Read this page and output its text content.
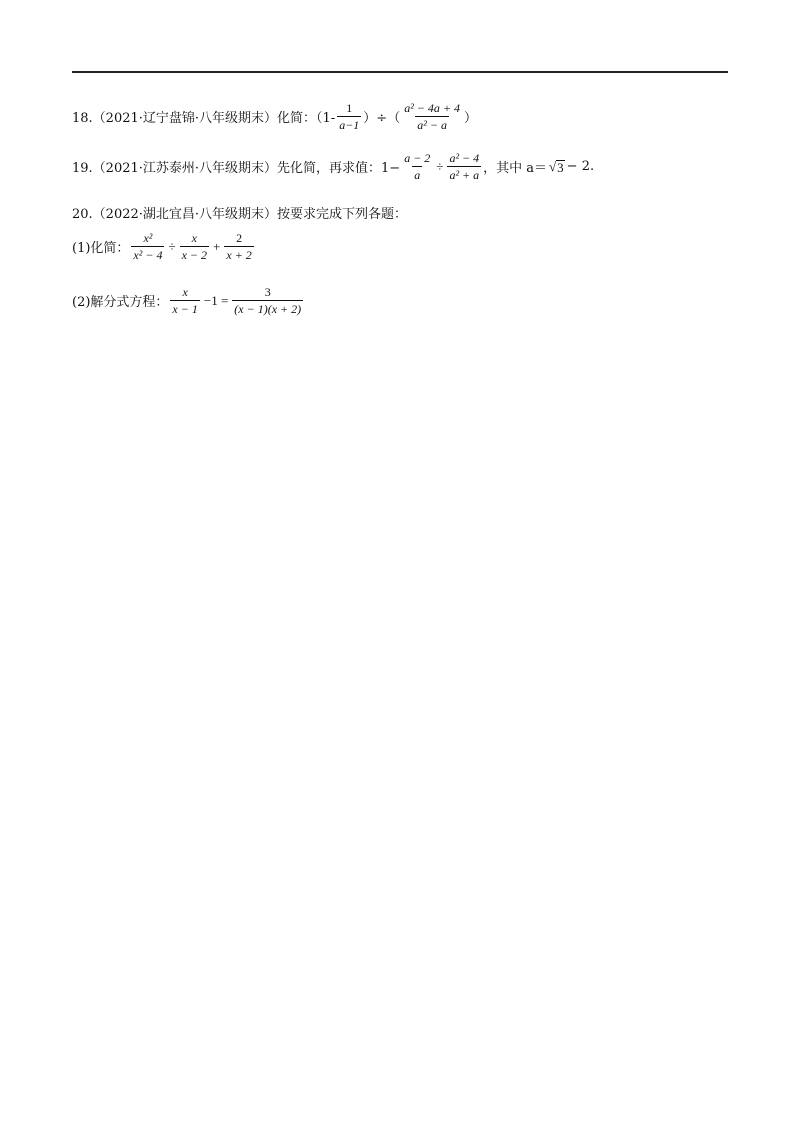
18.（2021·辽宁盘锦·八年级期末）化简：（$1- \frac{1}{a-1}$ ）÷（ $\frac{\text{a² − 4a + 4}}{\text{a² − a}}$ ）
19.（2021·江苏泰州·八年级期末）先化简，再求值：$1- \frac{a - 2}{a} \div \frac{\text{a² − 4}}{\text{a² + a}}$ ，其中 a＝ √ 3 − 2 .
20.（2022·湖北宜昌·八年级期末）按要求完成下列各题：
(1)化简： $\frac{\text{x²}}{\text{x² − 4}} \div \frac{x}{x - 2} + \frac{2}{x + 2}$
(2)解分式方程： $\frac{x}{x - 1} -1 = \frac{3}{(x - 1)(x + 2)}$
